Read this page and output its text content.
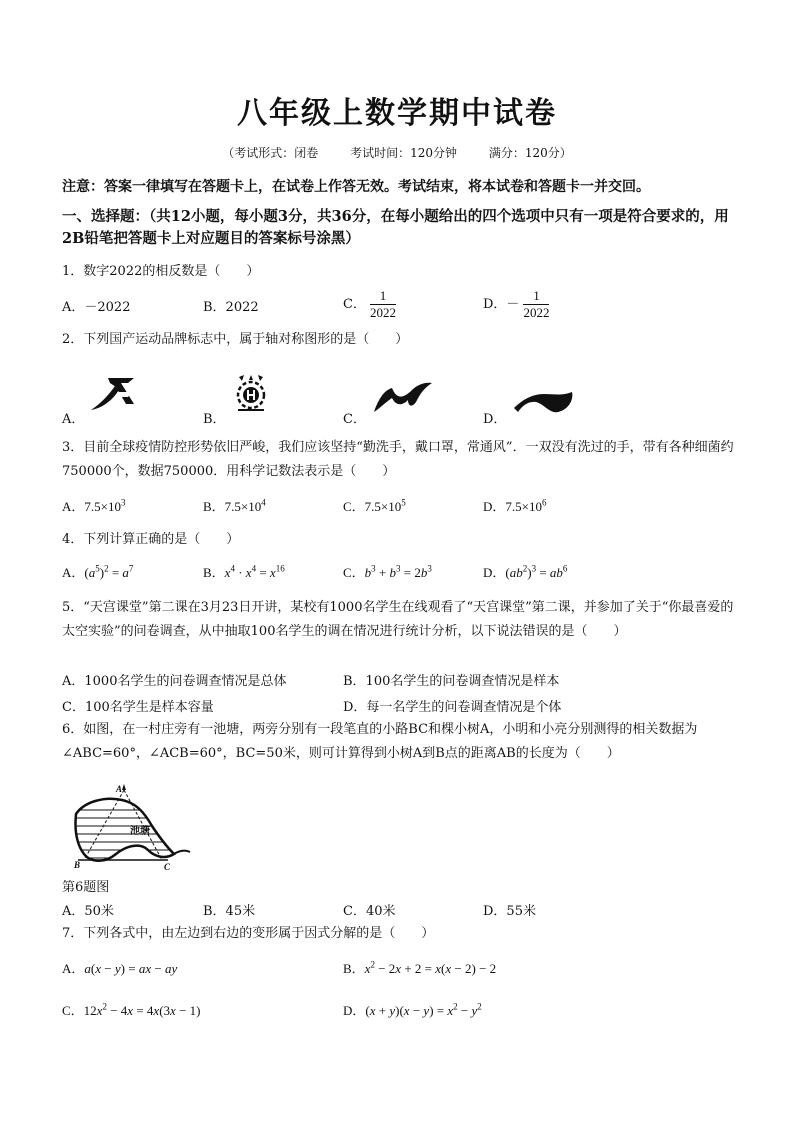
八年级上数学期中试卷
（考试形式：闭卷	考试时间：120分钟	满分：120分）
注意：答案一律填写在答题卡上，在试卷上作答无效。考试结束，将本试卷和答题卡一并交回。
一、选择题：（共12小题，每小题3分，共36分，在每小题给出的四个选项中只有一项是符合要求的，用2B铅笔把答题卡上对应题目的答案标号涂黑）
1．数字2022的相反数是（　　）
A．－2022	B．2022	C． $\frac{1}{2022}$	D．－ $\frac{1}{2022}$
2．下列国产运动品牌标志中，属于轴对称图形的是（　　）
A．	B．	C．	D．
3．目前全球疫情防控形势依旧严峻，我们应该坚持“勤洗手，戴口罩，常通风”．一双没有洗过的手，带有各种细菌约750000个，数据750000．用科学记数法表示是（　　）
A．$7.5\times 10^3$	B．$7.5\times 10^4$	C．$7.5\times 10^5$	D．$7.5\times 10^6$
4．下列计算正确的是（　　）
A．$(a^5)^2 = a^7$	B．$x^4 \cdot x^4 = x^{16}$	C．$b^3 + b^3 = 2b^3$	D．$(ab^2)^3 = ab^6$
5．“天宫课堂”第二课在3月23日开讲，某校有1000名学生在线观看了“天宫课堂”第二课，并参加了关于“你最喜爱的太空实验”的问卷调查，从中抽取100名学生的调在情况进行统计分析，以下说法错误的是（　　）
A．1000名学生的问卷调查情况是总体	B．100名学生的问卷调查情况是样本
C．100名学生是样本容量	D．每一名学生的问卷调查情况是个体
6．如图，在一村庄旁有一池塘，两旁分别有一段笔直的小路BC和棵小树A，小明和小亮分别测得的相关数据为∠ABC=60°，∠ACB=60°，BC=50米，则可计算得到小树A到B点的距离AB的长度为（　　）
池塘
A
B	C
第6题图
A．50米	B．45米	C．40米	D．55米
7．下列各式中，由左边到右边的变形属于因式分解的是（　　）
A．a(x − y) = ax − ay	B．$x^2 - 2x + 2 = x(x - 2) - 2$
C．$12x^2 - 4x = 4x(3x - 1)$	D．$(x + y)(x - y) = x^2 - y^2$
